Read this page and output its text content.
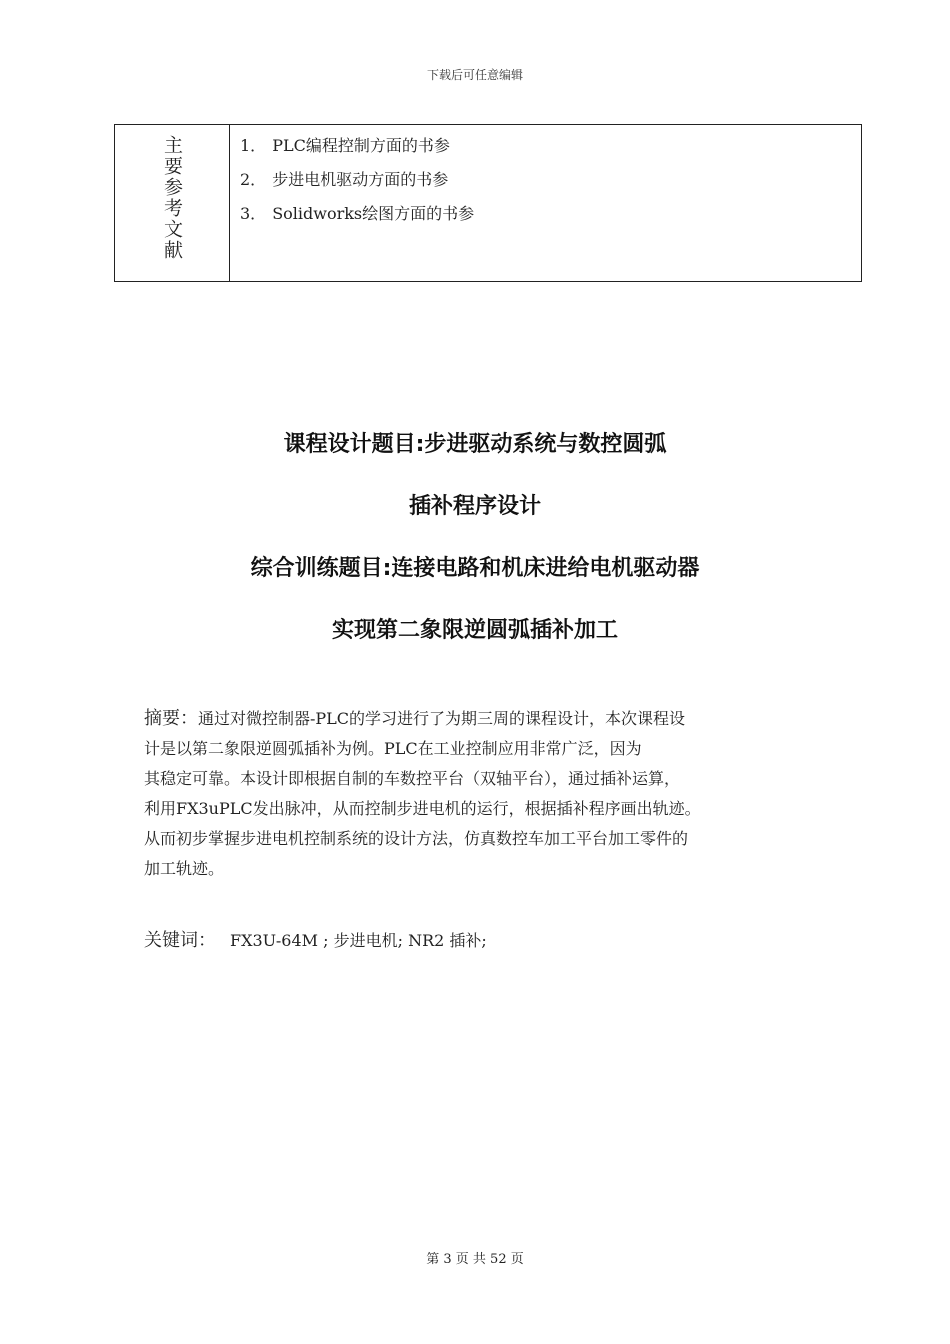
下载后可任意编辑
主要参考文献	1． PLC编程控制方面的书参
2． 步进电机驱动方面的书参
3． Solidworks绘图方面的书参
课程设计题目:步进驱动系统与数控圆弧
插补程序设计
综合训练题目:连接电路和机床进给电机驱动器
实现第二象限逆圆弧插补加工

摘要：通过对微控制器-PLC的学习进行了为期三周的课程设计，本次课程设

计是以第二象限逆圆弧插补为例。PLC在工业控制应用非常广泛，因为

其稳定可靠。本设计即根据自制的车数控平台（双轴平台），通过插补运算，

利用FX3uPLC发出脉冲，从而控制步进电机的运行，根据插补程序画出轨迹。

从而初步掌握步进电机控制系统的设计方法，仿真数控车加工平台加工零件的

加工轨迹。

关键词： FX3U-64M ; 步进电机; NR2 插补;
第 3 页 共 52 页
